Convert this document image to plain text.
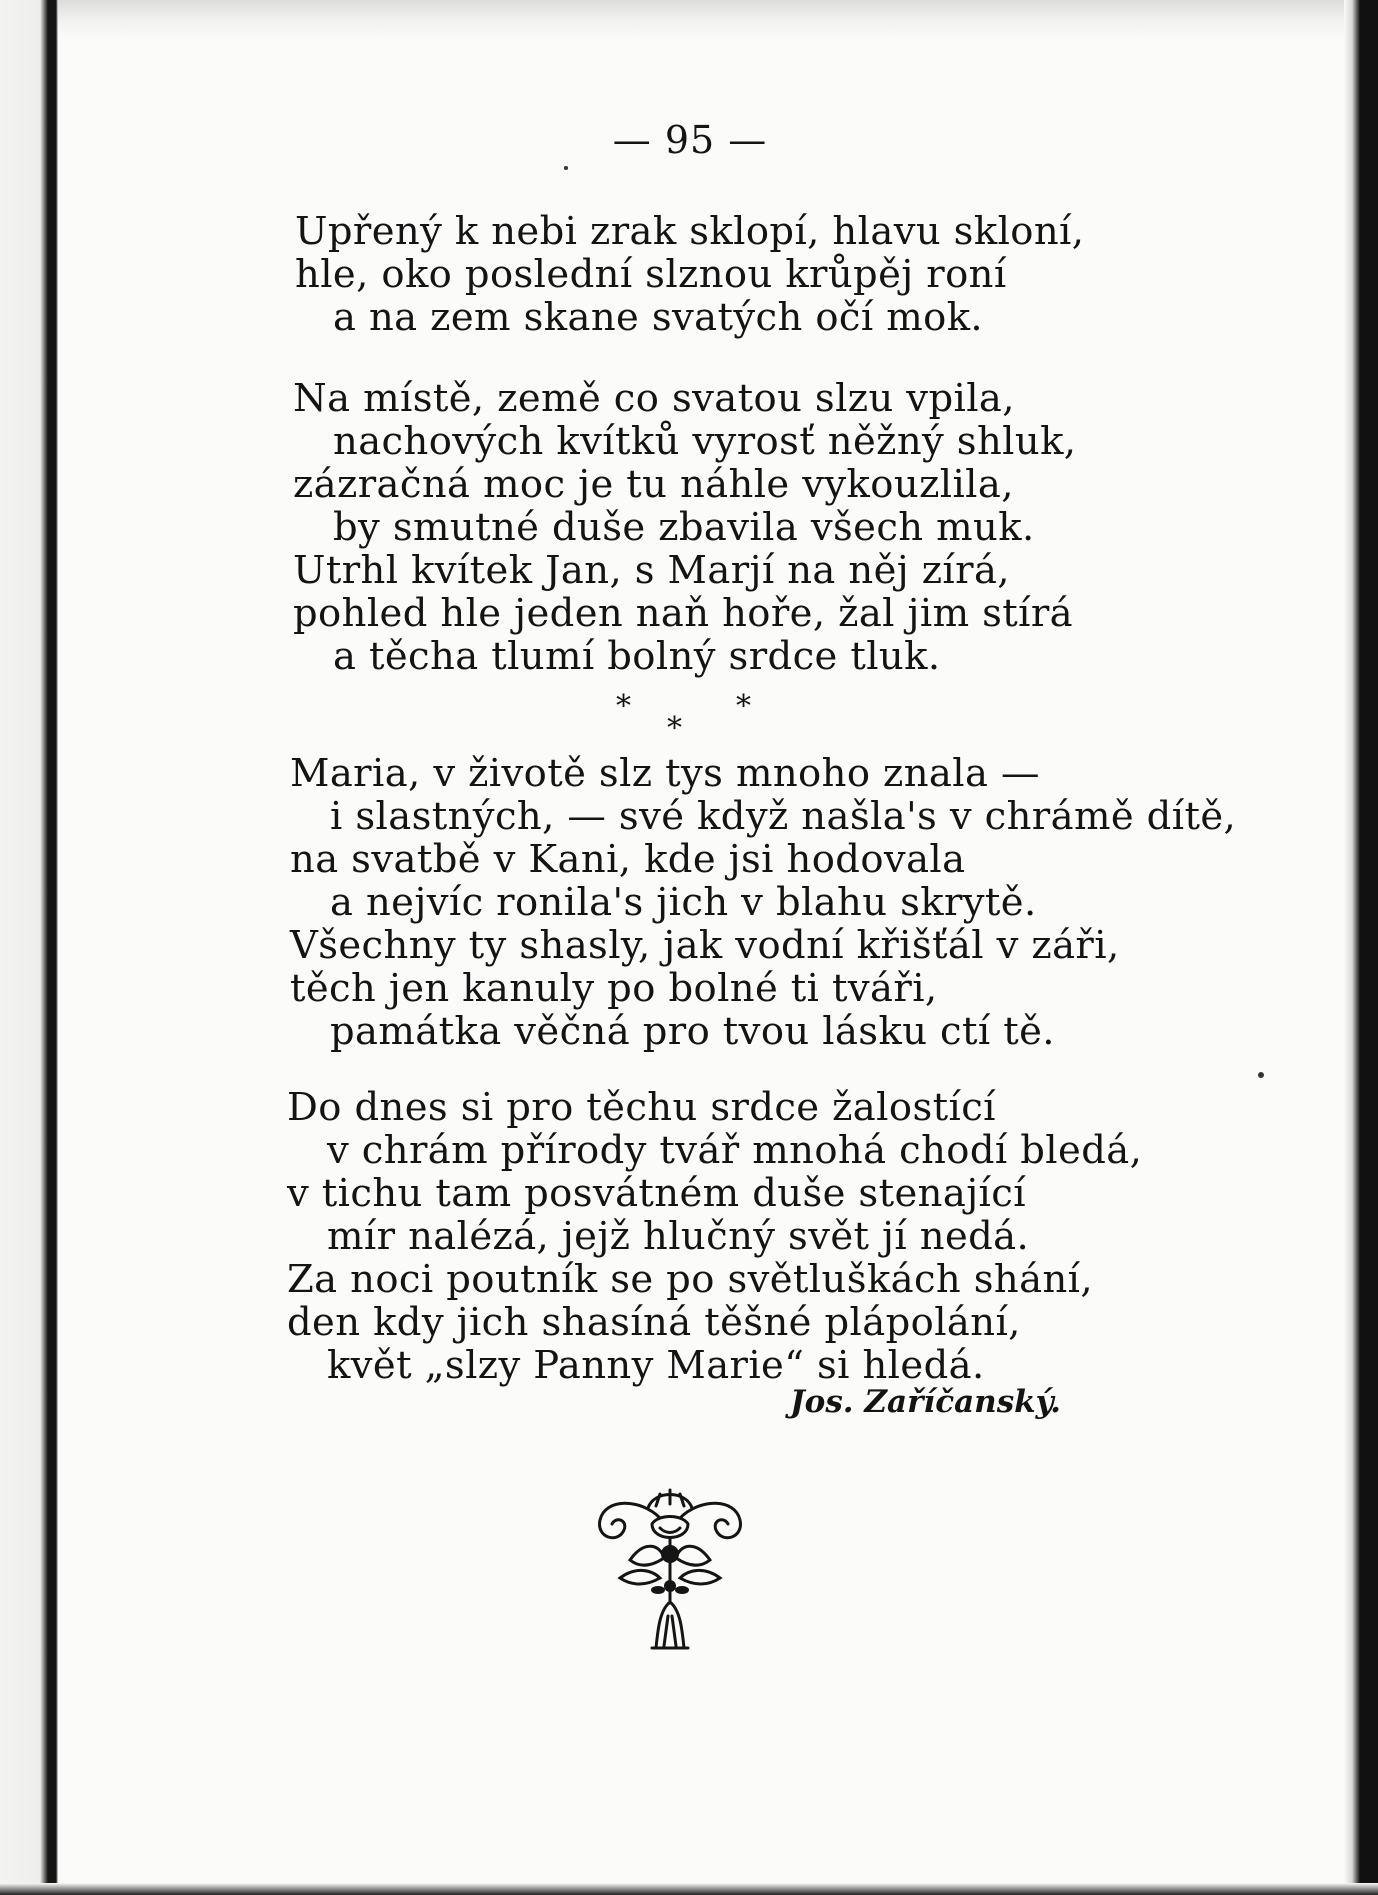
— 95 —
Upřený k nebi zrak sklopí, hlavu skloní,
hle, oko poslední slznou krůpěj roní
a na zem skane svatých očí mok.
Na místě, země co svatou slzu vpila,
nachových kvítků vyrosť něžný shluk,
zázračná moc je tu náhle vykouzlila,
by smutné duše zbavila všech muk.
Utrhl kvítek Jan, s Marjí na něj zírá,
pohled hle jeden naň hoře, žal jim stírá
a těcha tlumí bolný srdce tluk.
*
*
*
Maria, v životě slz tys mnoho znala —
i slastných, — své když našla's v chrámě dítě,
na svatbě v Kani, kde jsi hodovala
a nejvíc ronila's jich v blahu skrytě.
Všechny ty shasly, jak vodní křišťál v záři,
těch jen kanuly po bolné ti tváři,
památka věčná pro tvou lásku ctí tě.
Do dnes si pro těchu srdce žalostící
v chrám přírody tvář mnohá chodí bledá,
v tichu tam posvátném duše stenající
mír nalézá, jejž hlučný svět jí nedá.
Za noci poutník se po světluškách shání,
den kdy jich shasíná těšné plápolání,
květ „slzy Panny Marie“ si hledá.
Jos. Zaříčanský.
